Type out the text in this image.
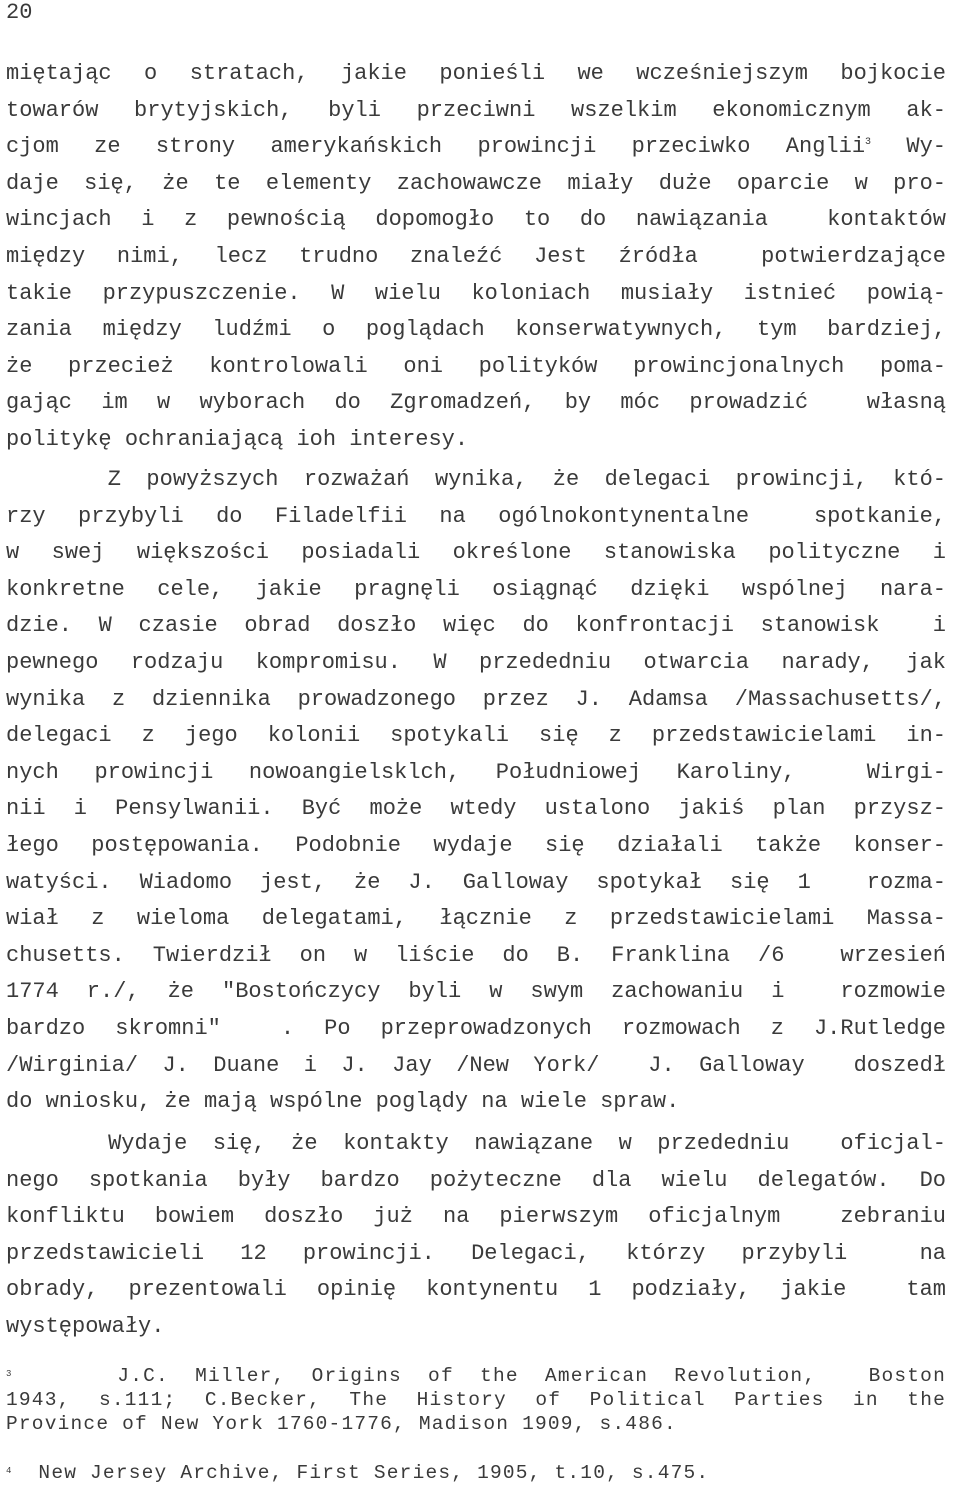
20
miętając o stratach, jakie ponieśli we wcześniejszym bojkocie
towarów brytyjskich, byli przeciwni wszelkim ekonomicznym ak-
cjom ze strony amerykańskich prowincji przeciwko Anglii$^3$ Wy-
daje się, że te elementy zachowawcze miały duże oparcie w pro-
wincjach i z pewnością dopomogło to do nawiązania  kontaktów
między nimi, lecz trudno znaleźć Jest źródła  potwierdzające
takie przypuszczenie. W wielu koloniach musiały istnieć powią-
zania między ludźmi o poglądach konserwatywnych, tym bardziej,
że przecież kontrolowali oni polityków prowincjonalnych poma-
gając im w wyborach do Zgromadzeń, by móc prowadzić  własną
politykę ochraniającą ioh interesy.
Z powyższych rozważań wynika, że delegaci prowincji, któ-
rzy przybyli do Filadelfii na ogólnokontynentalne  spotkanie,
w swej większości posiadali określone stanowiska polityczne i
konkretne cele, jakie pragnęli osiągnąć dzięki wspólnej nara-
dzie. W czasie obrad doszło więc do konfrontacji stanowisk  i
pewnego rodzaju kompromisu. W przededniu otwarcia narady, jak
wynika z dziennika prowadzonego przez J. Adamsa /Massachusetts/,
delegaci z jego kolonii spotykali się z przedstawicielami in-
nych prowincji nowoangielsklch, Południowej Karoliny,  Wirgi-
nii i Pensylwanii. Być może wtedy ustalono jakiś plan przysz-
łego postępowania. Podobnie wydaje się działali także konser-
watyści. Wiadomo jest, że J. Galloway spotykał się 1  rozma-
wiał z wieloma delegatami, łącznie z przedstawicielami Massa-
chusetts. Twierdził on w liście do B. Franklina /6  wrzesień
1774 r./, że "Bostończycy byli w swym zachowaniu i  rozmowie
bardzo skromni"  . Po przeprowadzonych rozmowach z J.Rutledge
/Wirginia/ J. Duane i J. Jay /New York/  J. Galloway  doszedł
do wniosku, że mają wspólne poglądy na wiele spraw.
Wydaje się, że kontakty nawiązane w przededniu  oficjal-
nego spotkania były bardzo pożyteczne dla wielu delegatów. Do
konfliktu bowiem doszło już na pierwszym oficjalnym  zebraniu
przedstawicieli 12 prowincji. Delegaci, którzy przybyli  na
obrady, prezentowali opinię kontynentu 1 podziały, jakie  tam
występowały.
$^3$    J.C. Miller, Origins of the American Revolution,  Boston
1943, s.111; C.Becker, The History of Political Parties in the
Province of New York 1760-1776, Madison 1909, s.486.
$^4$  New Jersey Archive, First Series, 1905, t.10, s.475.
